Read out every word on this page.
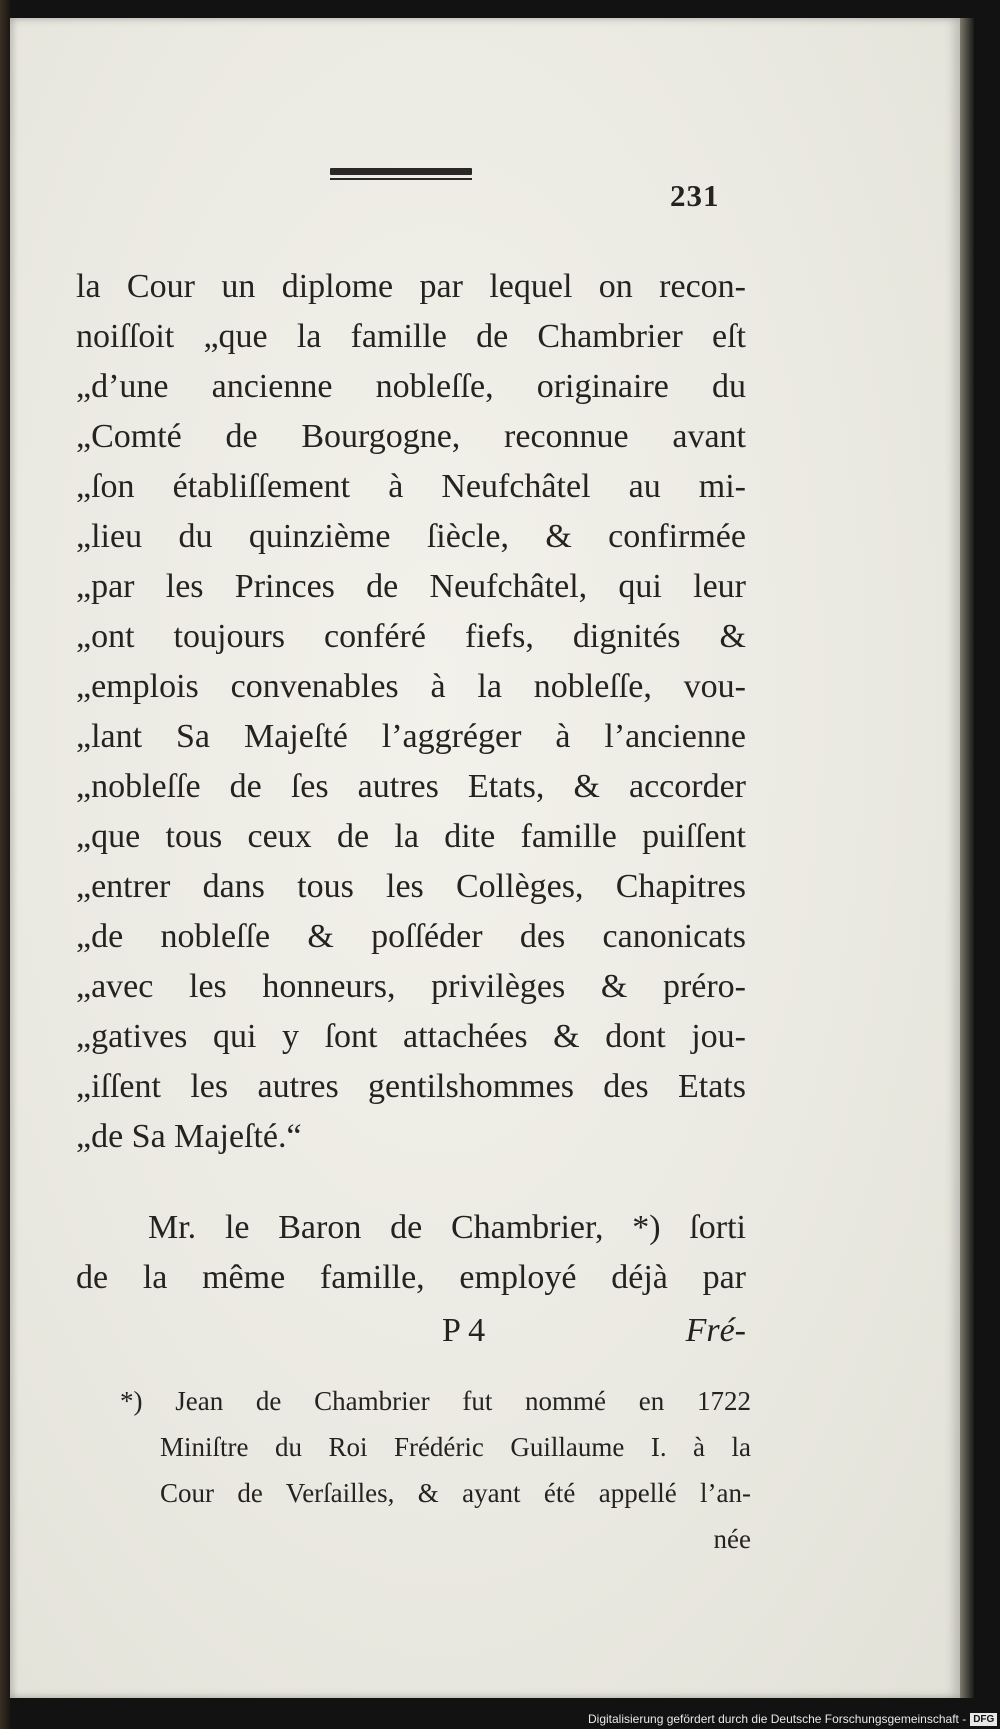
231
la Cour un diplome par lequel on recon-
noiſſoit „que la famille de Chambrier eſt
„d’une ancienne nobleſſe, originaire du
„Comté de Bourgogne, reconnue avant
„ſon établiſſement à Neufchâtel au mi-
„lieu du quinzième ſiècle, & confirmée
„par les Princes de Neufchâtel, qui leur
„ont toujours conféré fiefs, dignités &
„emplois convenables à la nobleſſe, vou-
„lant Sa Majeſté l’aggréger à l’ancienne
„nobleſſe de ſes autres Etats, & accorder
„que tous ceux de la dite famille puiſſent
„entrer dans tous les Collèges, Chapitres
„de nobleſſe & poſſéder des canonicats
„avec les honneurs, privilèges & préro-
„gatives qui y ſont attachées & dont jou-
„iſſent les autres gentilshommes des Etats
„de Sa Majeſté.“
Mr. le Baron de Chambrier, *) ſorti
de la même famille, employé déjà par
P 4	Fré-
*) Jean de Chambrier fut nommé en 1722
Miniſtre du Roi Frédéric Guillaume I. à la
Cour de Verſailles, & ayant été appellé l’an-
née
Digitalisierung gefördert durch die Deutsche Forschungsgemeinschaft - DFG
